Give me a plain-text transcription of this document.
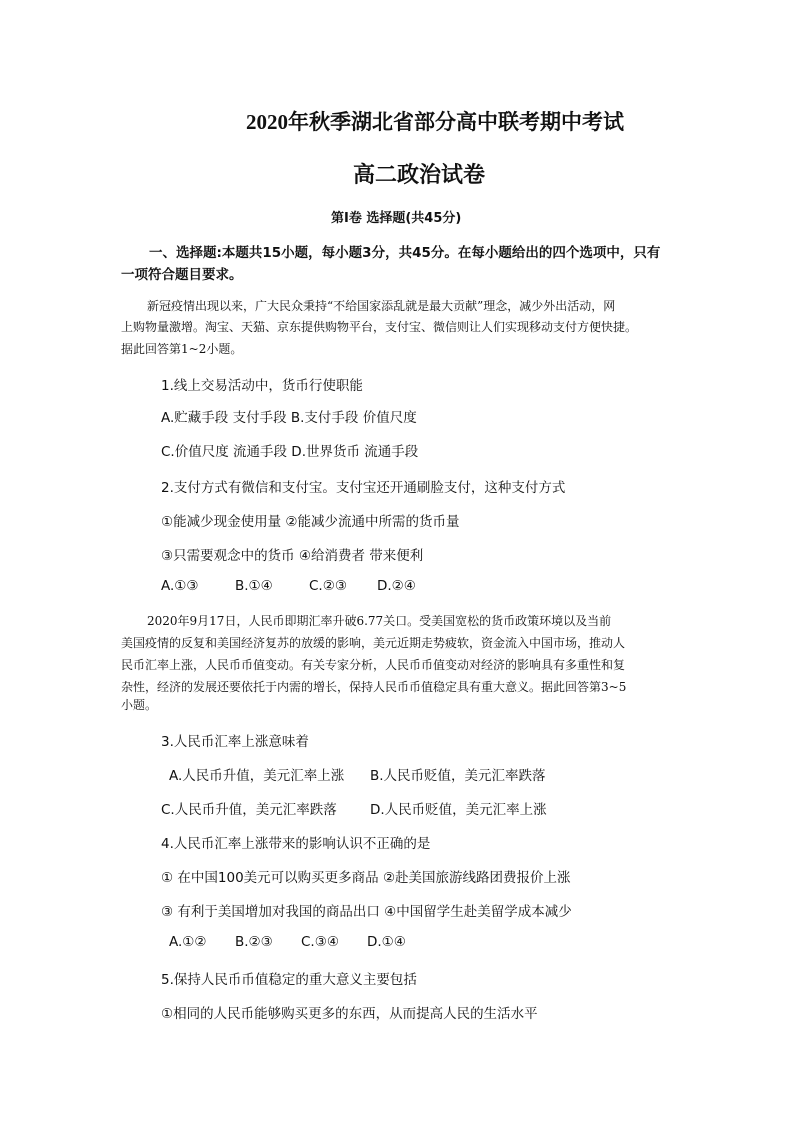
2020年秋季湖北省部分高中联考期中考试
高二政治试卷
第Ⅰ卷 选择题(共45分)
一、选择题:本题共15小题，每小题3分，共45分。在每小题给出的四个选项中，只有
一项符合题目要求。
新冠疫情出现以来，广大民众秉持“不给国家添乱就是最大贡献”理念，减少外出活动，网
上购物量激增。淘宝、天猫、京东提供购物平台，支付宝、微信则让人们实现移动支付方便快捷。
据此回答第1~2小题。
1.线上交易活动中，货币行使职能
A.贮藏手段 支付手段 B.支付手段 价值尺度
C.价值尺度 流通手段 D.世界货币 流通手段
2.支付方式有微信和支付宝。支付宝还开通刷脸支付，这种支付方式
①能减少现金使用量 ②能减少流通中所需的货币量
③只需要观念中的货币 ④给消费者 带来便利
A.①③	B.①④	C.②③ D.②④
2020年9月17日，人民币即期汇率升破6.77关口。受美国宽松的货币政策环境以及当前
美国疫情的反复和美国经济复苏的放缓的影响，美元近期走势疲软，资金流入中国市场，推动人
民币汇率上涨，人民币币值变动。有关专家分析，人民币币值变动对经济的影响具有多重性和复
杂性，经济的发展还要依托于内需的增长，保持人民币币值稳定具有重大意义。据此回答第3~5
小题。
3.人民币汇率上涨意味着
A.人民币升值，美元汇率上涨 B.人民币贬值，美元汇率跌落
C.人民币升值，美元汇率跌落 D.人民币贬值，美元汇率上涨
4.人民币汇率上涨带来的影响认识不正确的是
① 在中国100美元可以购买更多商品 ②赴美国旅游线路团费报价上涨
③ 有利于美国增加对我国的商品出口 ④中国留学生赴美留学成本减少
A.①② B.②③ C.③④ D.①④
5.保持人民币币值稳定的重大意义主要包括
①相同的人民币能够购买更多的东西，从而提高人民的生活水平
